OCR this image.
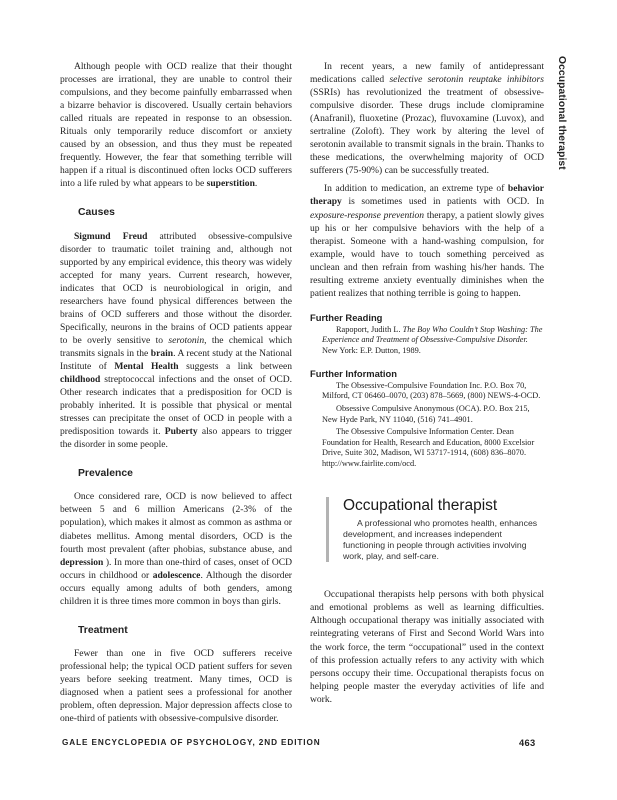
Occupational therapist

Although people with OCD realize that their thought processes are irrational, they are unable to control their compulsions, and they become painfully embarrassed when a bizarre behavior is discovered. Usually certain behaviors called rituals are repeated in response to an obsession. Rituals only temporarily reduce discomfort or anxiety caused by an obsession, and thus they must be repeated frequently. However, the fear that something terrible will happen if a ritual is discontinued often locks OCD sufferers into a life ruled by what appears to be superstition.

Causes

Sigmund Freud attributed obsessive-compulsive disorder to traumatic toilet training and, although not supported by any empirical evidence, this theory was widely accepted for many years. Current research, however, indicates that OCD is neurobiological in origin, and researchers have found physical differences between the brains of OCD sufferers and those without the disorder. Specifically, neurons in the brains of OCD patients appear to be overly sensitive to serotonin, the chemical which transmits signals in the brain. A recent study at the National Institute of Mental Health suggests a link between childhood streptococcal infections and the onset of OCD. Other research indicates that a predisposition for OCD is probably inherited. It is possible that physical or mental stresses can precipitate the onset of OCD in people with a predisposition towards it. Puberty also appears to trigger the disorder in some people.

Prevalence

Once considered rare, OCD is now believed to affect between 5 and 6 million Americans (2-3% of the population), which makes it almost as common as asthma or diabetes mellitus. Among mental disorders, OCD is the fourth most prevalent (after phobias, substance abuse, and depression ). In more than one-third of cases, onset of OCD occurs in childhood or adolescence. Although the disorder occurs equally among adults of both genders, among children it is three times more common in boys than girls.

Treatment

Fewer than one in five OCD sufferers receive professional help; the typical OCD patient suffers for seven years before seeking treatment. Many times, OCD is diagnosed when a patient sees a professional for another problem, often depression. Major depression affects close to one-third of patients with obsessive-compulsive disorder.

In recent years, a new family of antidepressant medications called selective serotonin reuptake inhibitors (SSRIs) has revolutionized the treatment of obsessive-compulsive disorder. These drugs include clomipramine (Anafranil), fluoxetine (Prozac), fluvoxamine (Luvox), and sertraline (Zoloft). They work by altering the level of serotonin available to transmit signals in the brain. Thanks to these medications, the overwhelming majority of OCD sufferers (75-90%) can be successfully treated.

In addition to medication, an extreme type of behavior therapy is sometimes used in patients with OCD. In exposure-response prevention therapy, a patient slowly gives up his or her compulsive behaviors with the help of a therapist. Someone with a hand-washing compulsion, for example, would have to touch something perceived as unclean and then refrain from washing his/her hands. The resulting extreme anxiety eventually diminishes when the patient realizes that nothing terrible is going to happen.

Further Reading

Rapoport, Judith L. The Boy Who Couldn’t Stop Washing: The Experience and Treatment of Obsessive-Compulsive Disorder. New York: E.P. Dutton, 1989.

Further Information

The Obsessive-Compulsive Foundation Inc. P.O. Box 70, Milford, CT 06460–0070, (203) 878–5669, (800) NEWS-4-OCD.

Obsessive Compulsive Anonymous (OCA). P.O. Box 215, New Hyde Park, NY 11040, (516) 741–4901.

The Obsessive Compulsive Information Center. Dean Foundation for Health, Research and Education, 8000 Excelsior Drive, Suite 302, Madison, WI 53717-1914, (608) 836–8070. http://www.fairlite.com/ocd.

Occupational therapist

A professional who promotes health, enhances development, and increases independent functioning in people through activities involving work, play, and self-care.

Occupational therapists help persons with both physical and emotional problems as well as learning difficulties. Although occupational therapy was initially associated with reintegrating veterans of First and Second World Wars into the work force, the term “occupational” used in the context of this profession actually refers to any activity with which persons occupy their time. Occupational therapists focus on helping people master the everyday activities of life and work.

GALE ENCYCLOPEDIA OF PSYCHOLOGY, 2ND EDITION	463
